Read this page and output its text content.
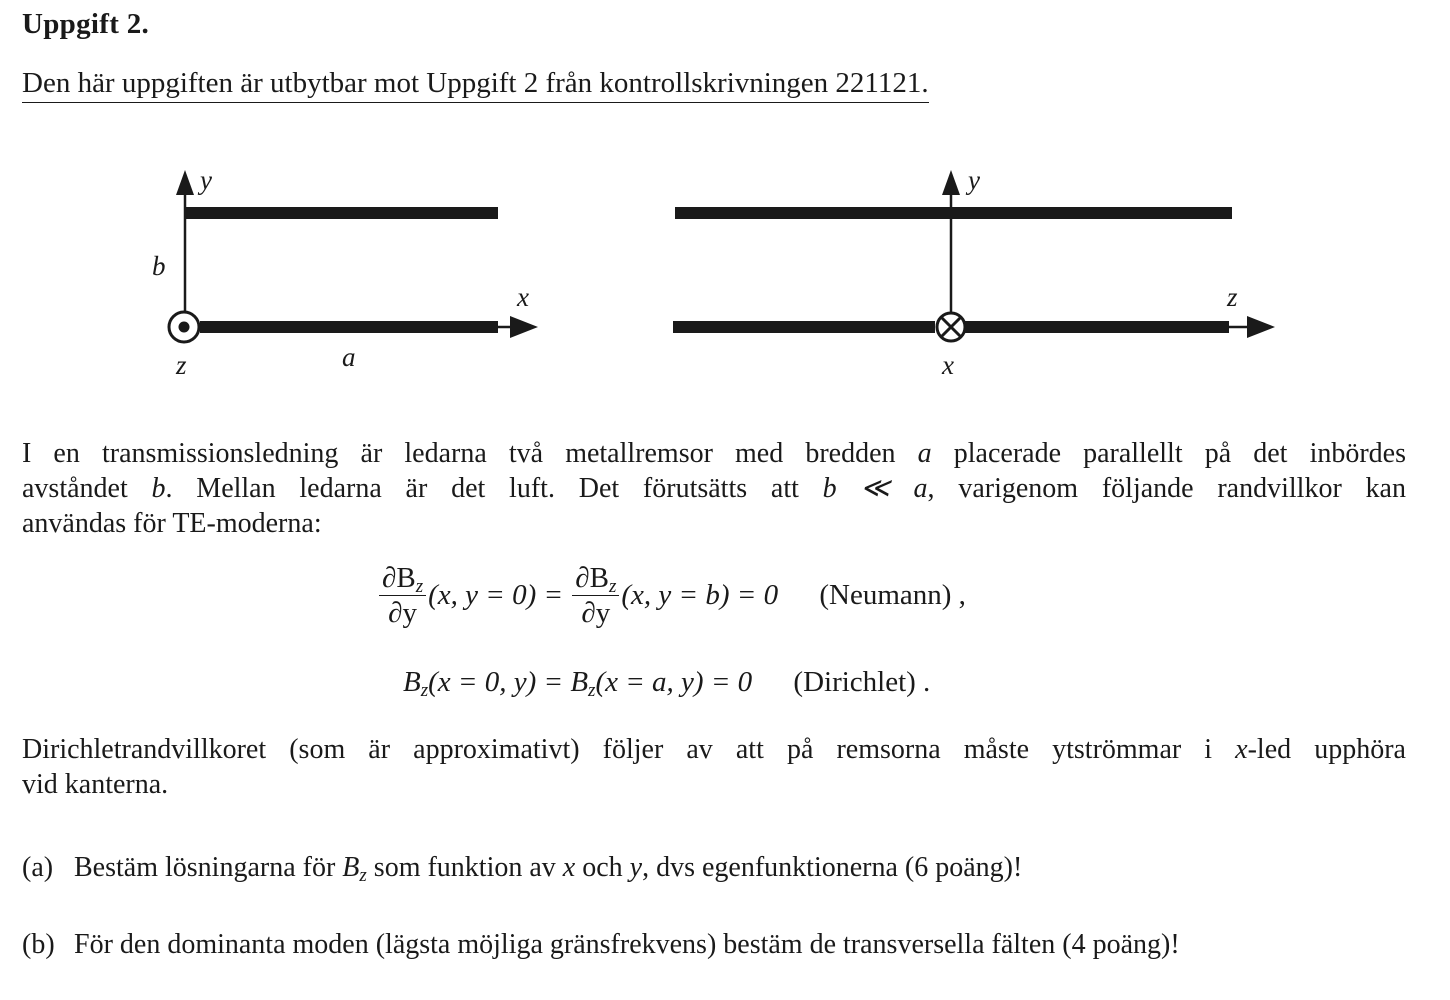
Uppgift 2.
Den här uppgiften är utbytbar mot Uppgift 2 från kontrollskrivningen 221121.
y
b
x
z	a
y
z
x
I en transmissionsledning är ledarna två metallremsor med bredden a placerade parallellt på det inbördes
avståndet b. Mellan ledarna är det luft. Det förutsätts att b ≪ a, varigenom följande randvillkor kan
användas för TE-moderna:
$\frac{\partial B_z}{\partial y} (x$, $y = 0) = \frac{\partial B_z}{\partial y} (x$, y = b) = 0 (Neumann) ,
$B_z(x = 0$, $y) = B_z(x = a$, y) = 0 (Dirichlet) .
Dirichletrandvillkoret (som är approximativt) följer av att på remsorna måste ytströmmar i x-led upphöra
vid kanterna.
(a) Bestäm lösningarna för $B_z$ som funktion av x och y, dvs egenfunktionerna (6 poäng)!
(b) För den dominanta moden (lägsta möjliga gränsfrekvens) bestäm de transversella fälten (4 poäng)!
